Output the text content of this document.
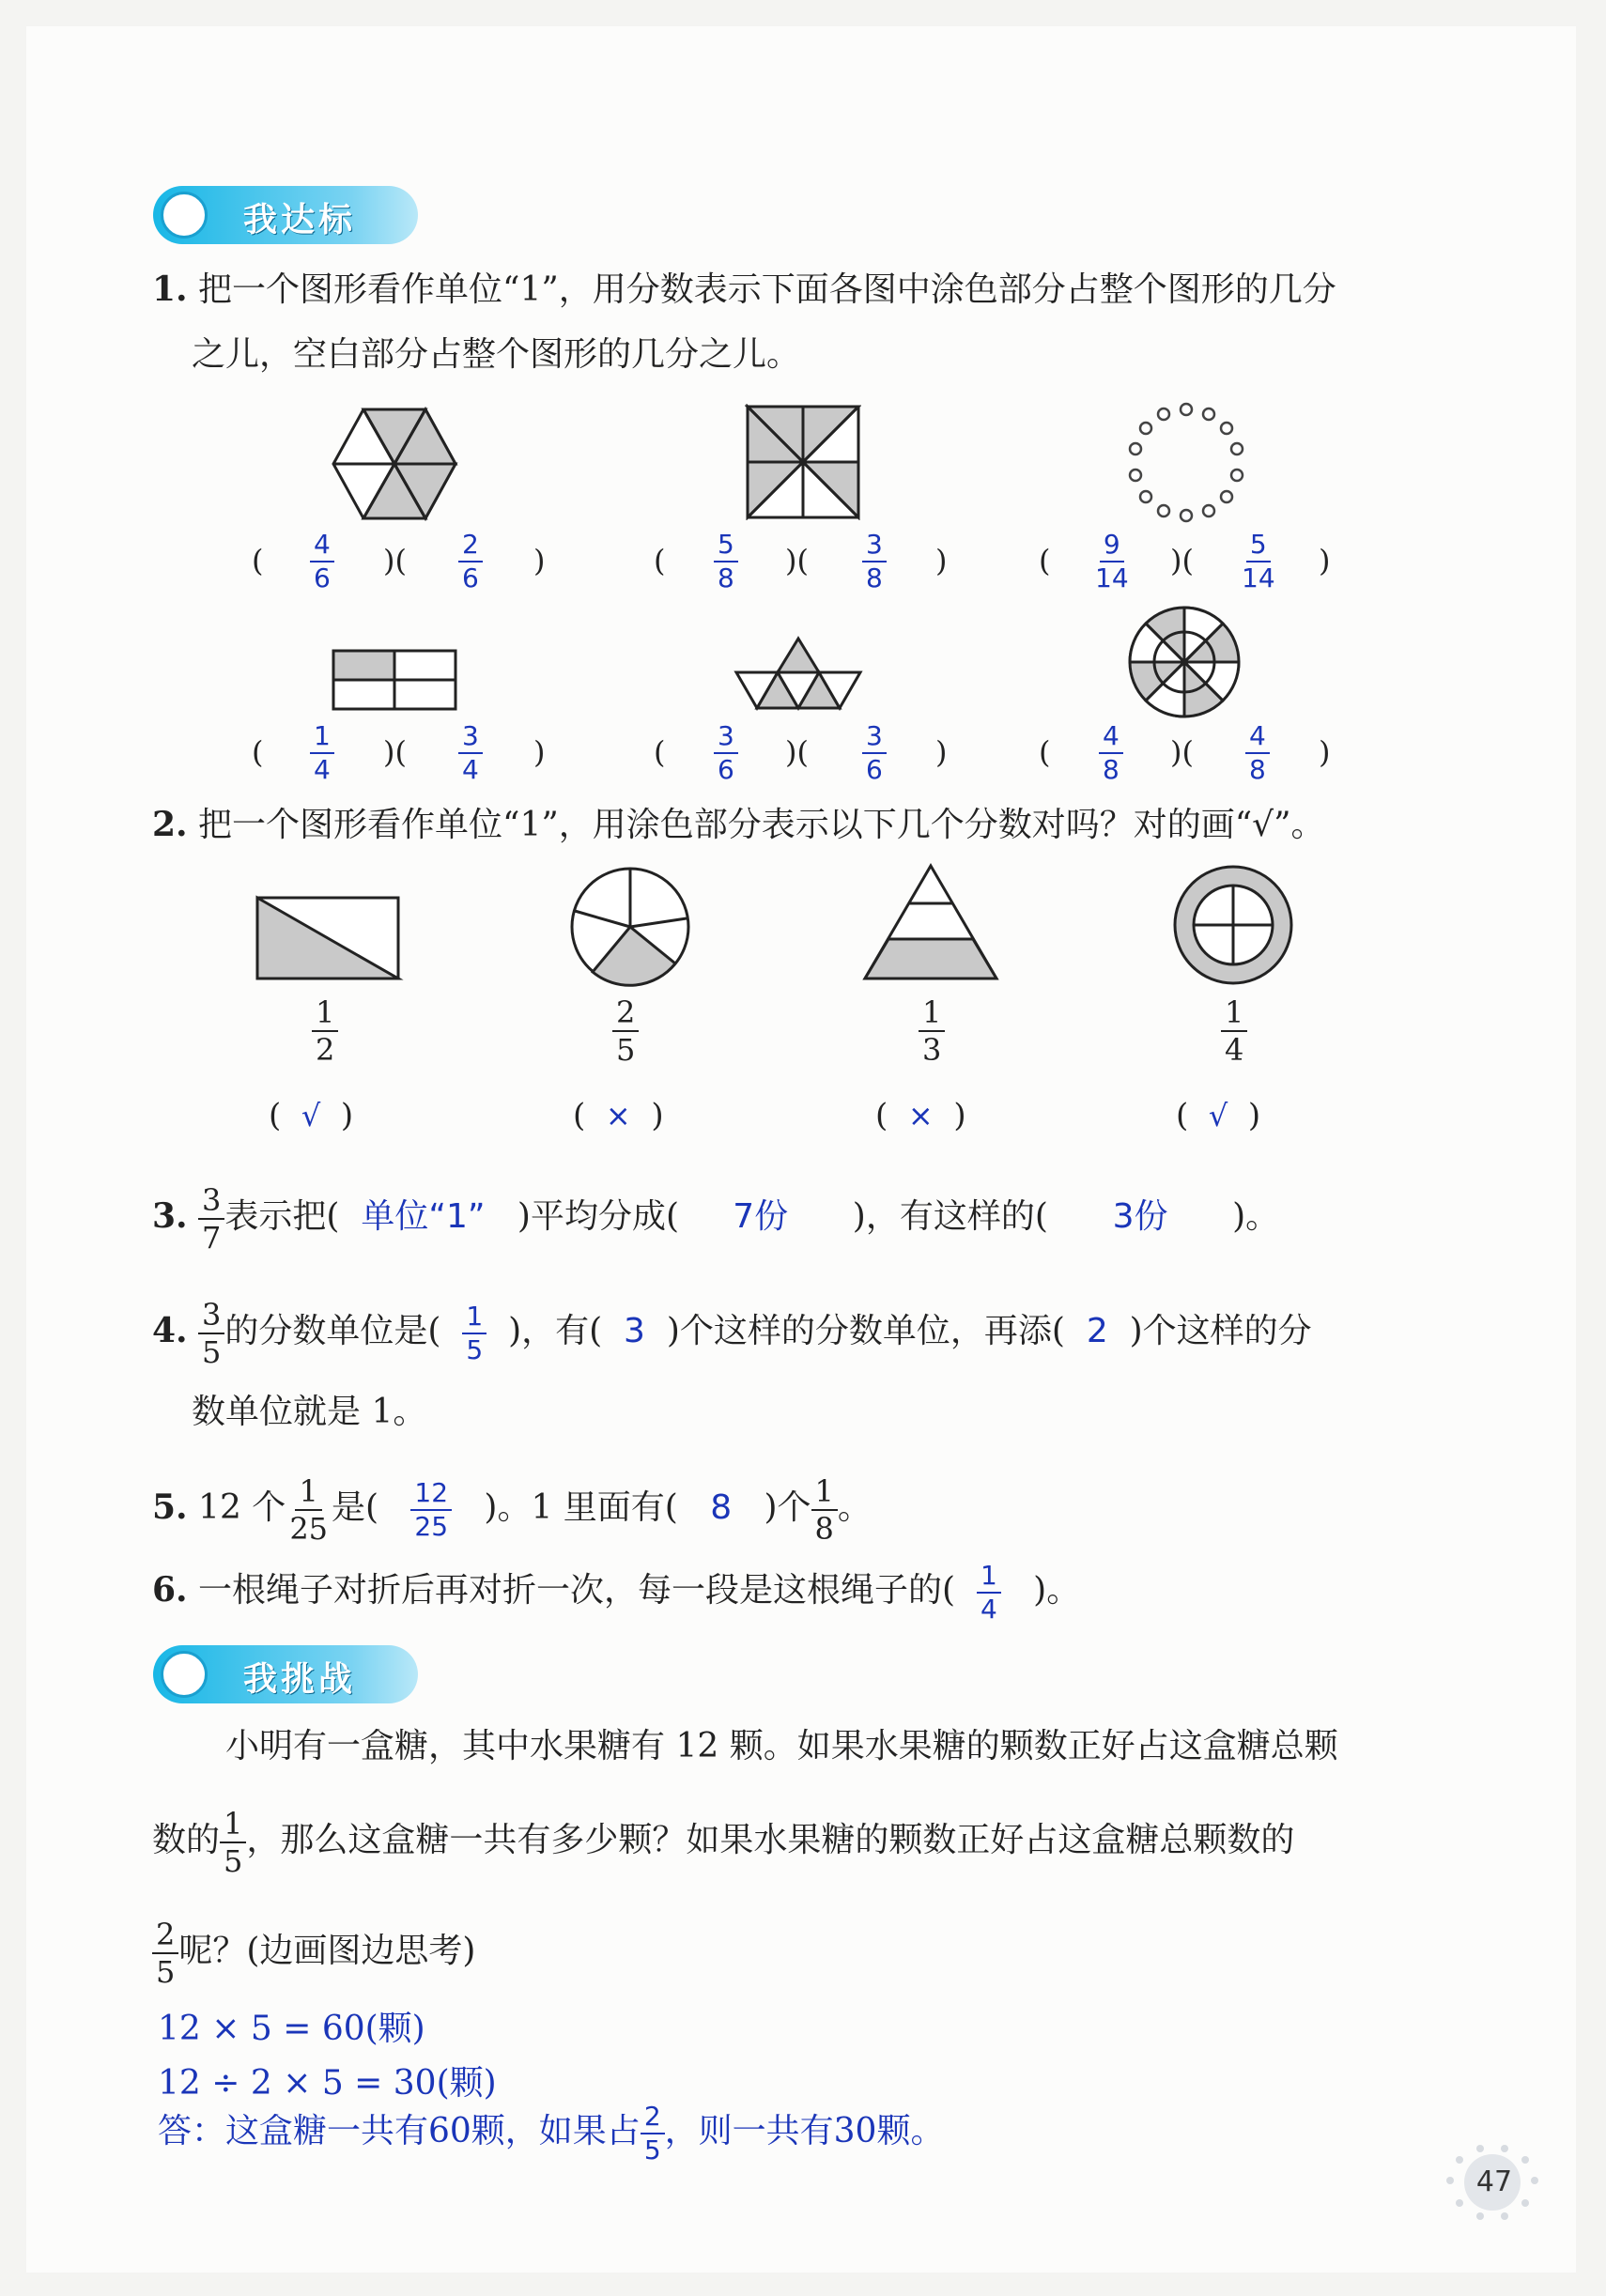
我达标
1. 把一个图形看作单位“1”，用分数表示下面各图中涂色部分占整个图形的几分
之儿，空白部分占整个图形的几分之儿。
( $\frac{4}{6}$ )( $\frac{2}{6}$ )	( $\frac{5}{8}$ )( $\frac{3}{8}$ )	( $\frac{9}{14}$ )( $\frac{5}{14}$ )
( $\frac{1}{4}$ )( $\frac{3}{4}$ )	( $\frac{3}{6}$ )( $\frac{3}{6}$ )	( $\frac{4}{8}$ )( $\frac{4}{8}$ )
2. 把一个图形看作单位“1”，用涂色部分表示以下几个分数对吗？对的画“√”。
$\frac{1}{2}$	$\frac{2}{5}$	$\frac{1}{3}$	$\frac{1}{4}$
(  √  )	(  ×  )	(  ×  )	(  √  )
3. $\frac{3}{7}$ 表示把( 单位“1” )平均分成( 7份 )，有这样的( 3份 )。
4. $\frac{3}{5}$ 的分数单位是( $\frac{1}{5}$ )，有( 3 )个这样的分数单位，再添( 2 )个这样的分
数单位就是 1。
5. 12 个 $\frac{1}{25}$ 是( $\frac{12}{25}$ )。1 里面有( 8 )个 $\frac{1}{8}$ 。
6. 一根绳子对折后再对折一次，每一段是这根绳子的( $\frac{1}{4}$ )。
我挑战
小明有一盒糖，其中水果糖有 12 颗。如果水果糖的颗数正好占这盒糖总颗
数的 $\frac{1}{5}$ ，那么这盒糖一共有多少颗？如果水果糖的颗数正好占这盒糖总颗数的
$\frac{2}{5}$ 呢？(边画图边思考)
12 × 5 = 60(颗)
12 ÷ 2 × 5 = 30(颗)
答：这盒糖一共有60颗，如果占 $\frac{2}{5}$ ，则一共有30颗。
47
